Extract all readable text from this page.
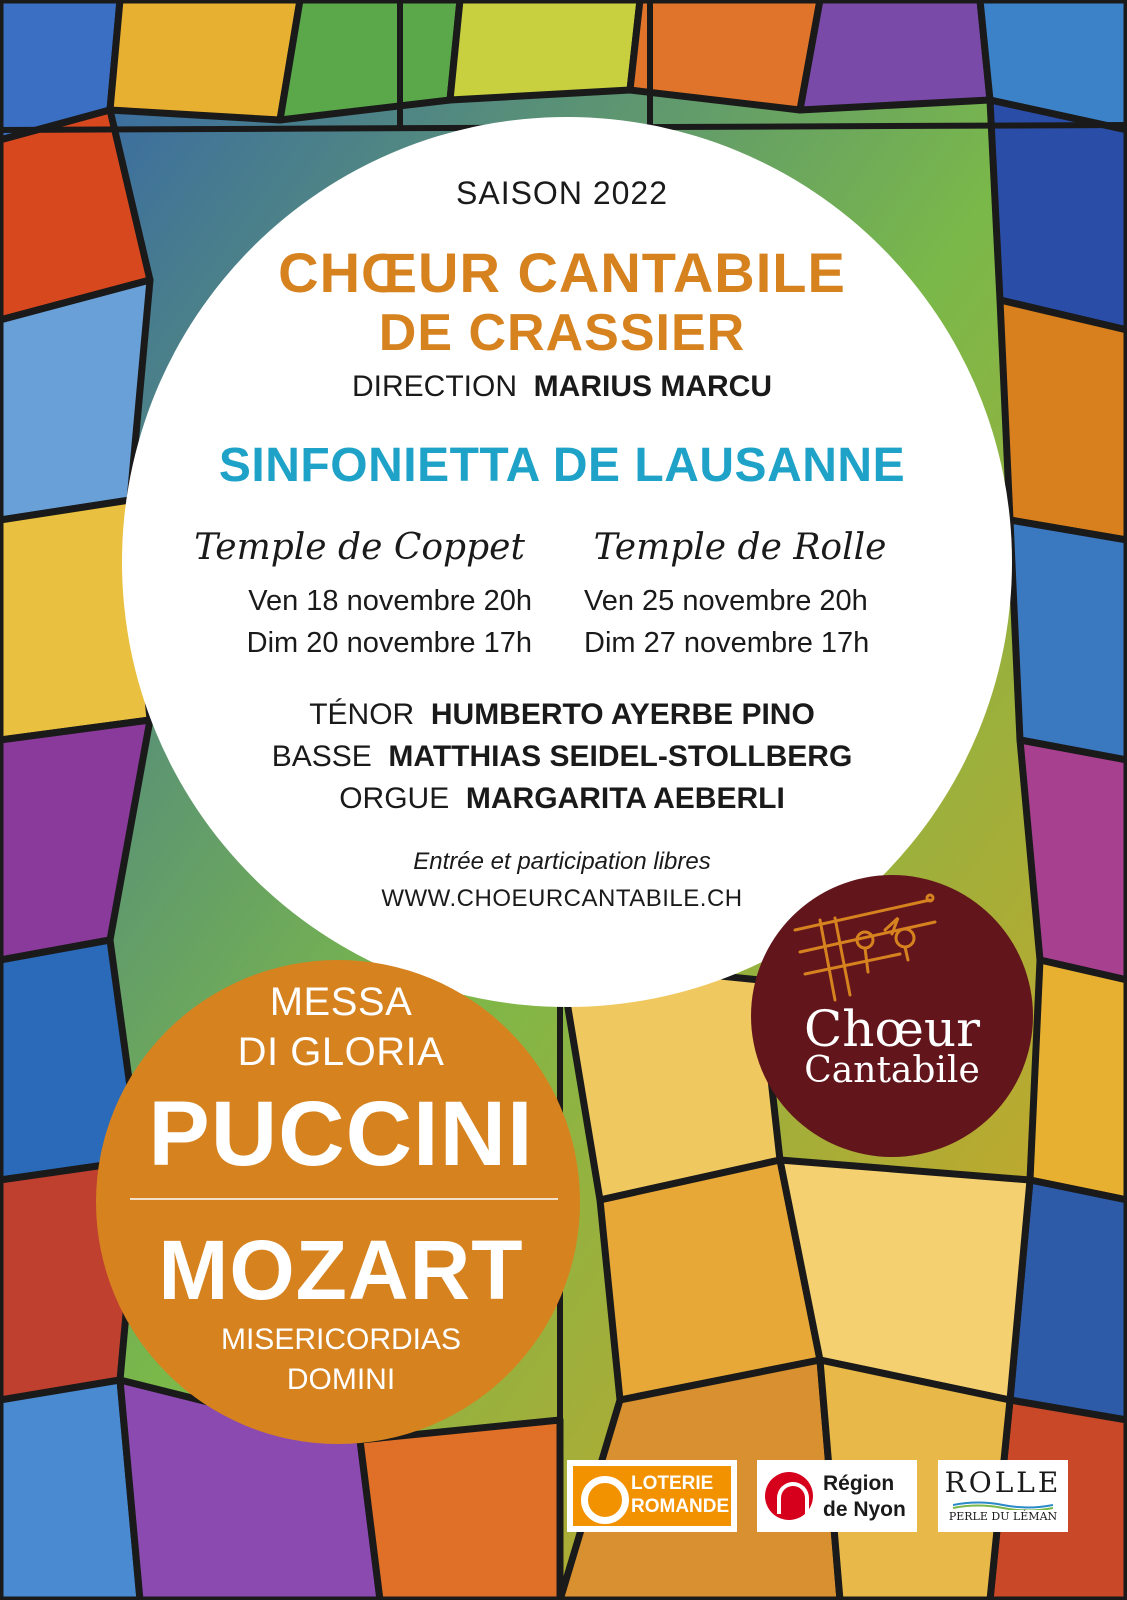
SAISON 2022
CHŒUR CANTABILE
DE CRASSIER
DIRECTION MARIUS MARCU
SINFONIETTA DE LAUSANNE
Temple de Coppet	Temple de Rolle
Ven 18 novembre 20h
Dim 20 novembre 17h
Ven 25 novembre 20h
Dim 27 novembre 17h
TÉNOR HUMBERTO AYERBE PINO
BASSE MATTHIAS SEIDEL-STOLLBERG
ORGUE MARGARITA AEBERLI
Entrée et participation libres
WWW.CHOEURCANTABILE.CH
MESSA
DI GLORIA
PUCCINI
MOZART
MISERICORDIAS
DOMINI
Chœur
Cantabile
LOTERIE
ROMANDE
Région
de Nyon
ROLLE
PERLE DU LÉMAN
